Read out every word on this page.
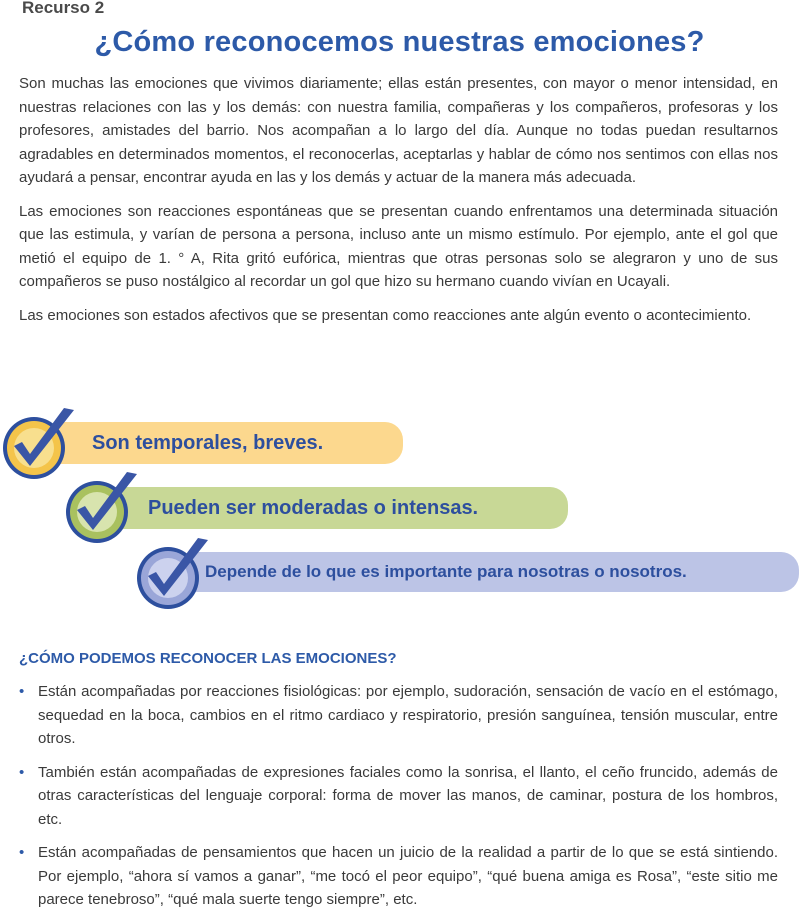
Recurso 2
¿Cómo reconocemos nuestras emociones?

Son muchas las emociones que vivimos diariamente; ellas están presentes, con mayor o menor intensidad, en nuestras relaciones con las y los demás: con nuestra familia, compañeras y los compañeros, profesoras y los profesores, amistades del barrio. Nos acompañan a lo largo del día. Aunque no todas puedan resultarnos agradables en determinados momentos, el reconocerlas, aceptarlas y hablar de cómo nos sentimos con ellas nos ayudará a pensar, encontrar ayuda en las y los demás y actuar de la manera más adecuada.

Las emociones son reacciones espontáneas que se presentan cuando enfrentamos una determinada situación que las estimula, y varían de persona a persona, incluso ante un mismo estímulo. Por ejemplo, ante el gol que metió el equipo de 1. ° A, Rita gritó eufórica, mientras que otras personas solo se alegraron y uno de sus compañeros se puso nostálgico al recordar un gol que hizo su hermano cuando vivían en Ucayali.

Las emociones son estados afectivos que se presentan como reacciones ante algún evento o acontecimiento.

Son temporales, breves.
Pueden ser moderadas o intensas.
Depende de lo que es importante para nosotras o nosotros.
¿CÓMO PODEMOS RECONOCER LAS EMOCIONES?
• Están acompañadas por reacciones fisiológicas: por ejemplo, sudoración, sensación de vacío en el estómago, sequedad en la boca, cambios en el ritmo cardiaco y respiratorio, presión sanguínea, tensión muscular, entre otros.
• También están acompañadas de expresiones faciales como la sonrisa, el llanto, el ceño fruncido, además de otras características del lenguaje corporal: forma de mover las manos, de caminar, postura de los hombros, etc.
• Están acompañadas de pensamientos que hacen un juicio de la realidad a partir de lo que se está sintiendo. Por ejemplo, “ahora sí vamos a ganar”, “me tocó el peor equipo”, “qué buena amiga es Rosa”, “este sitio me parece tenebroso”, “qué mala suerte tengo siempre”, etc.
